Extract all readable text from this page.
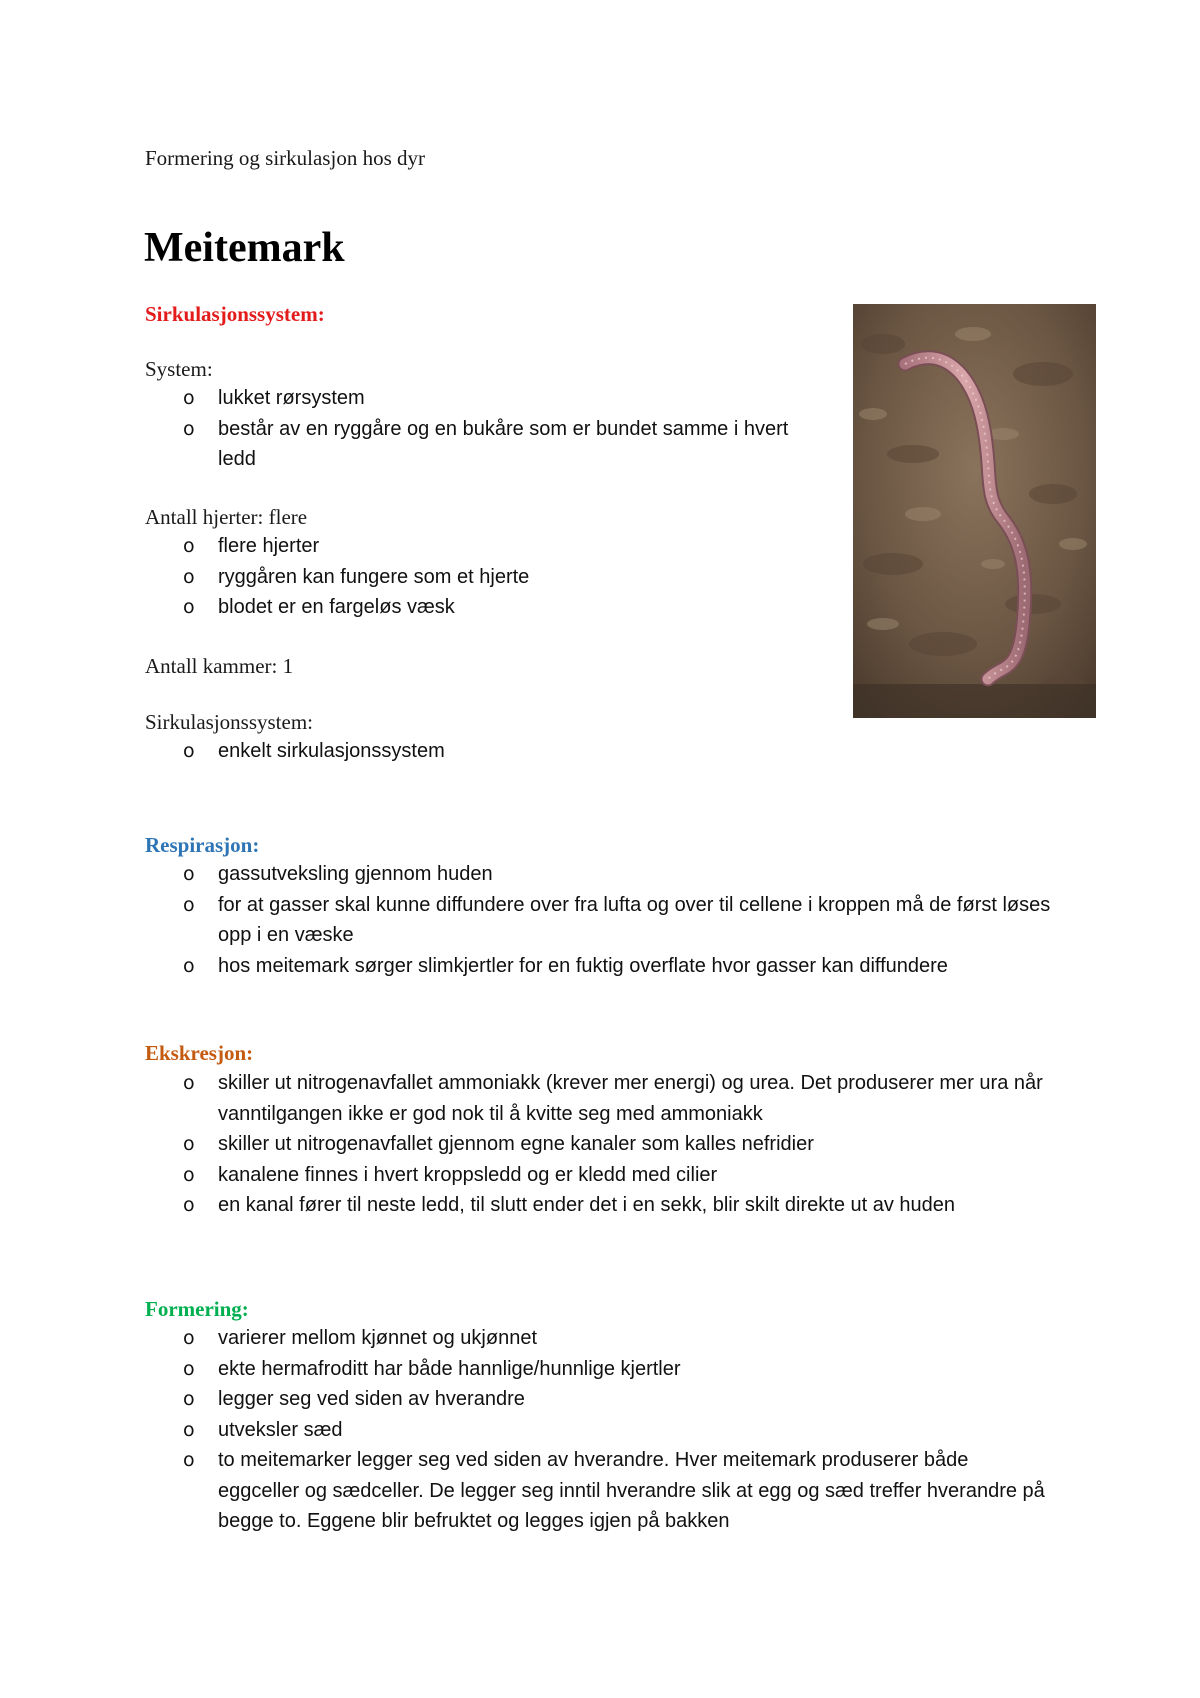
Formering og sirkulasjon hos dyr
Meitemark
Sirkulasjonssystem:
System:
o lukket rørsystem
o består av en ryggåre og en bukåre som er bundet samme i hvert ledd
Antall hjerter: flere
o flere hjerter
o ryggåren kan fungere som et hjerte
o blodet er en fargeløs væsk
Antall kammer: 1
Sirkulasjonssystem:
o enkelt sirkulasjonssystem
Respirasjon:
o gassutveksling gjennom huden
o for at gasser skal kunne diffundere over fra lufta og over til cellene i kroppen må de først løses opp i en væske
o hos meitemark sørger slimkjertler for en fuktig overflate hvor gasser kan diffundere
Ekskresjon:
o skiller ut nitrogenavfallet ammoniakk (krever mer energi) og urea. Det produserer mer ura når vanntilgangen ikke er god nok til å kvitte seg med ammoniakk
o skiller ut nitrogenavfallet gjennom egne kanaler som kalles nefridier
o kanalene finnes i hvert kroppsledd og er kledd med cilier
o en kanal fører til neste ledd, til slutt ender det i en sekk, blir skilt direkte ut av huden
Formering:
o varierer mellom kjønnet og ukjønnet
o ekte hermafroditt har både hannlige/hunnlige kjertler
o legger seg ved siden av hverandre
o utveksler sæd
o to meitemarker legger seg ved siden av hverandre. Hver meitemark produserer både eggceller og sædceller. De legger seg inntil hverandre slik at egg og sæd treffer hverandre på begge to. Eggene blir befruktet og legges igjen på bakken
